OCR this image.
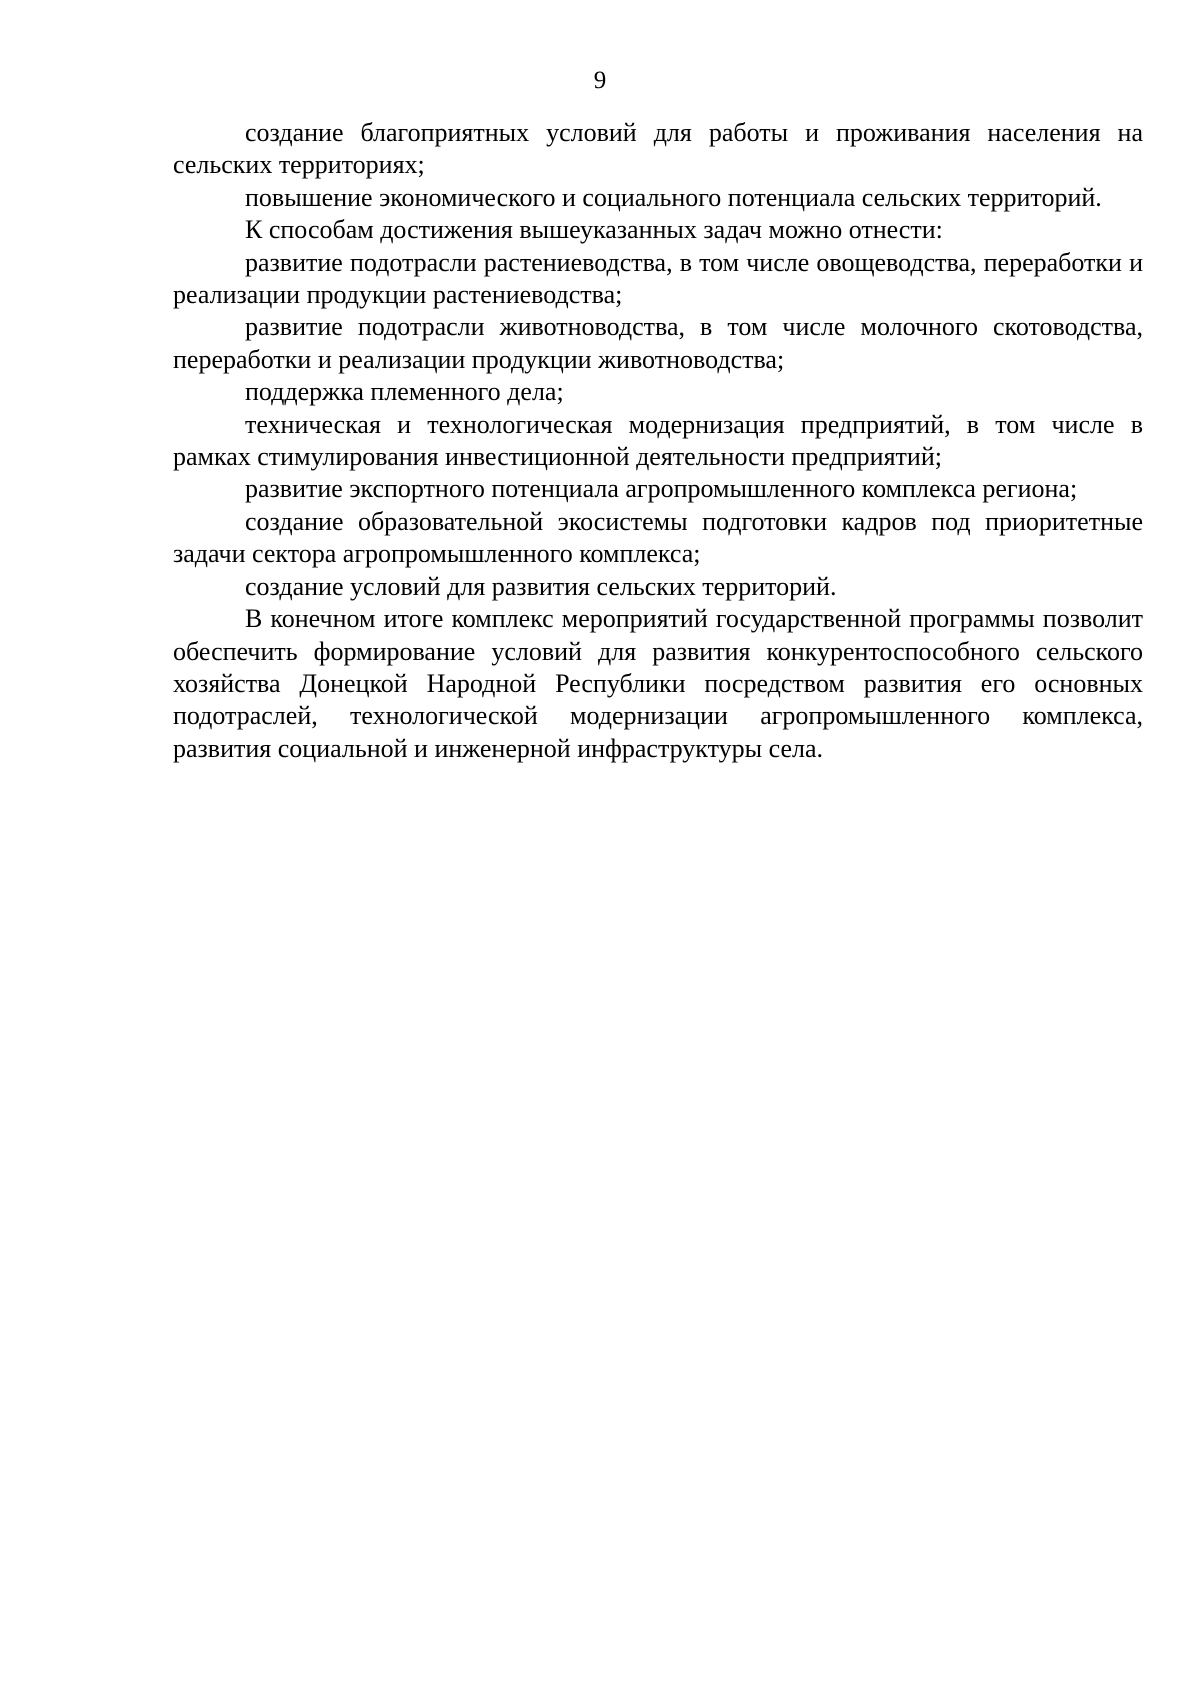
9

создание благоприятных условий для работы и проживания населения на сельских территориях;

повышение экономического и социального потенциала сельских территорий.

К способам достижения вышеуказанных задач можно отнести:

развитие подотрасли растениеводства, в том числе овощеводства, переработки и реализации продукции растениеводства;

развитие подотрасли животноводства, в том числе молочного скотоводства, переработки и реализации продукции животноводства;

поддержка племенного дела;

техническая и технологическая модернизация предприятий, в том числе в рамках стимулирования инвестиционной деятельности предприятий;

развитие экспортного потенциала агропромышленного комплекса региона;

создание образовательной экосистемы подготовки кадров под приоритетные задачи сектора агропромышленного комплекса;

создание условий для развития сельских территорий.

В конечном итоге комплекс мероприятий государственной программы позволит обеспечить формирование условий для развития конкурентоспособного сельского хозяйства Донецкой Народной Республики посредством развития его основных подотраслей, технологической модернизации агропромышленного комплекса, развития социальной и инженерной инфраструктуры села.
